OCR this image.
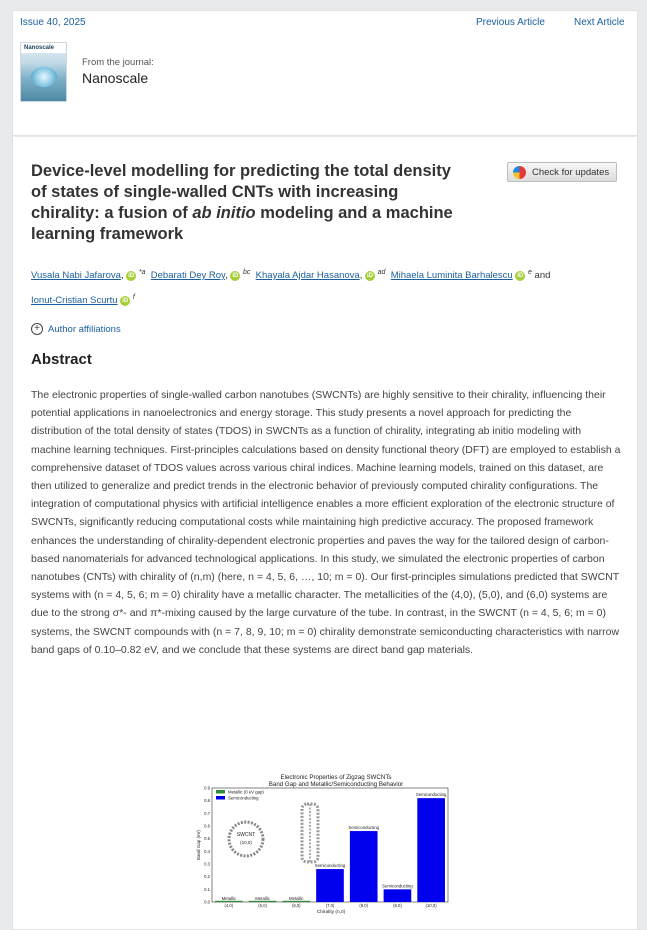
Issue 40, 2025	Previous Article	Next Article
Nanoscale
From the journal:
Nanoscale
Device-level modelling for predicting the total density of states of single-walled CNTs with increasing chirality: a fusion of ab initio modeling and a machine learning framework
Check for updates
Vusala Nabi Jafarova, iD $^{*a}$ Debarati Dey Roy, iD $^{bc}$ Khayala Ajdar Hasanova, iD $^{ad}$ Mihaela Luminita Barhalescu iD $^e$ and
Ionut-Cristian Scurtu iD $^f$
+ Author affiliations
Abstract

The electronic properties of single-walled carbon nanotubes (SWCNTs) are highly sensitive to their chirality, influencing their potential applications in nanoelectronics and energy storage. This study presents a novel approach for predicting the distribution of the total density of states (TDOS) in SWCNTs as a function of chirality, integrating ab initio modeling with machine learning techniques. First-principles calculations based on density functional theory (DFT) are employed to establish a comprehensive dataset of TDOS values across various chiral indices. Machine learning models, trained on this dataset, are then utilized to generalize and predict trends in the electronic behavior of previously computed chirality configurations. The integration of computational physics with artificial intelligence enables a more efficient exploration of the electronic structure of SWCNTs, significantly reducing computational costs while maintaining high predictive accuracy. The proposed framework enhances the understanding of chirality-dependent electronic properties and paves the way for the tailored design of carbon-based nanomaterials for advanced technological applications. In this study, we simulated the electronic properties of carbon nanotubes (CNTs) with chirality of (n,m) (here, n = 4, 5, 6, …, 10; m = 0). Our first-principles simulations predicted that SWCNT systems with (n = 4, 5, 6; m = 0) chirality have a metallic character. The metallicities of the (4,0), (5,0), and (6,0) systems are due to the strong σ*- and π*-mixing caused by the large curvature of the tube. In contrast, in the SWCNT (n = 4, 5, 6; m = 0) systems, the SWCNT compounds with (n = 7, 8, 9, 10; m = 0) chirality demonstrate semiconducting characteristics with narrow band gaps of 0.10–0.82 eV, and we conclude that these systems are direct band gap materials.

Electronic Properties of Zigzag SWCNTs
Band Gap and Metallic/Semiconducting Behavior
Band Gap (eV)
Chirality (n,0)
0.0
0.1
0.2
0.3
0.4
0.5
0.6
0.7
0.8
0.9
Metallic
(4,0)
Metallic
(5,0)
Metallic
(6,0)
Semiconducting
(7,0)
Semiconducting
(8,0)
Semiconducting
(9,0)
Semiconducting
(10,0)
Metallic (0 eV gap)
Semiconducting
SWCNT
(10,0)
